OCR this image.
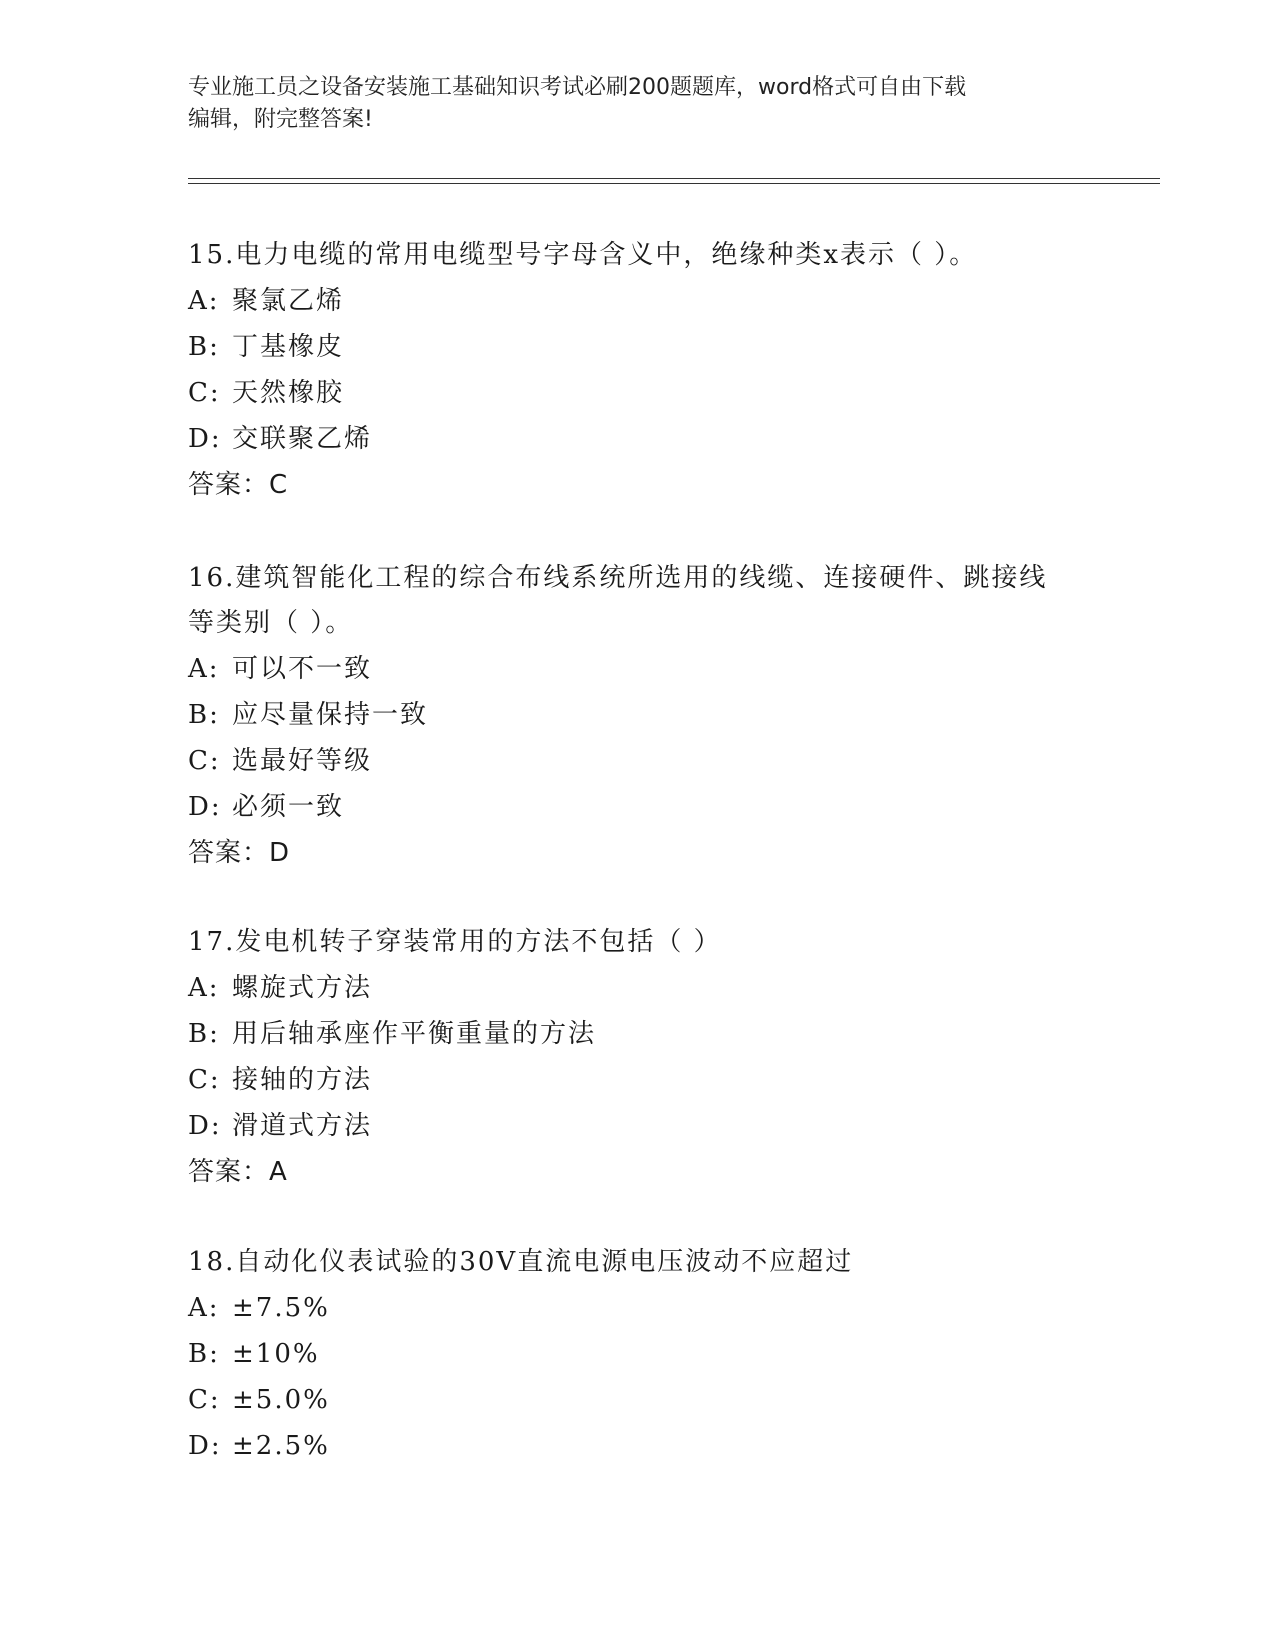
专业施工员之设备安装施工基础知识考试必刷200题题库，word格式可自由下载
编辑，附完整答案!

15.电力电缆的常用电缆型号字母含义中，绝缘种类x表示（ ）。

A: 聚氯乙烯

B: 丁基橡皮

C: 天然橡胶

D: 交联聚乙烯

答案：C

16.建筑智能化工程的综合布线系统所选用的线缆、连接硬件、跳接线

等类别（ ）。

A: 可以不一致

B: 应尽量保持一致

C: 选最好等级

D: 必须一致

答案：D

17.发电机转子穿装常用的方法不包括（ ）

A: 螺旋式方法

B: 用后轴承座作平衡重量的方法

C: 接轴的方法

D: 滑道式方法

答案：A

18.自动化仪表试验的30V直流电源电压波动不应超过

A: ±7.5%

B: ±10%

C: ±5.0%

D: ±2.5%
